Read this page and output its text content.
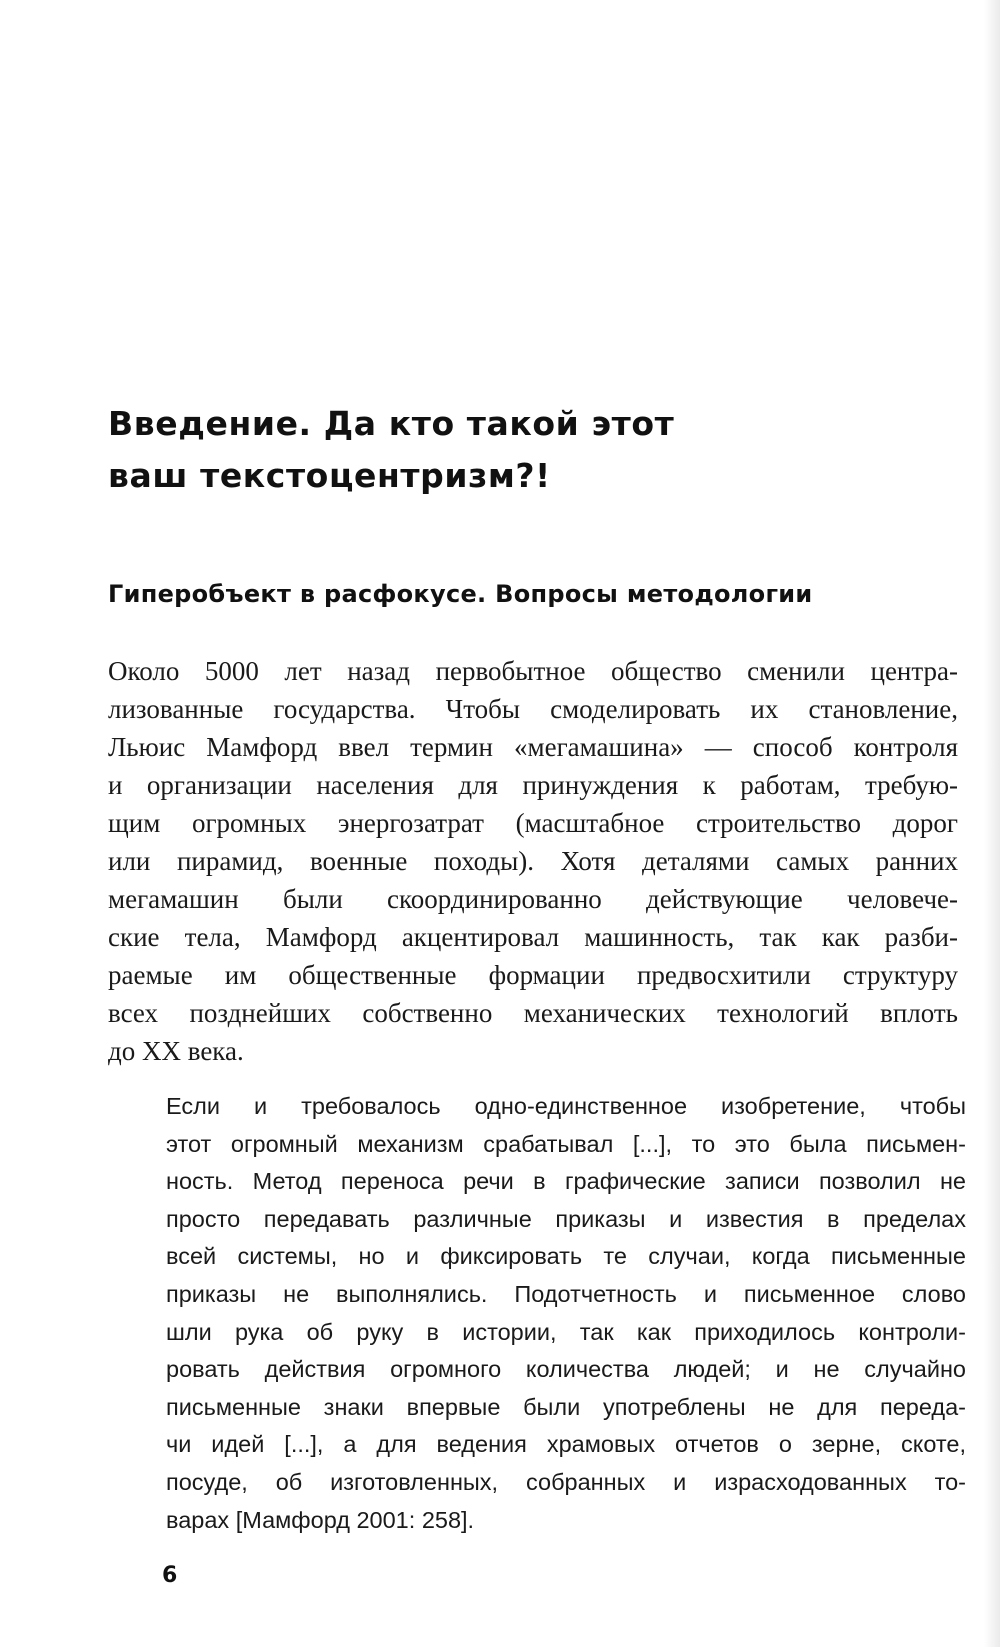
Введение. Да кто такой этот
ваш текстоцентризм?!
Гиперобъект в расфокусе. Вопросы методологии
Около 5000 лет назад первобытное общество сменили центра-
лизованные государства. Чтобы смоделировать их становление,
Льюис Мамфорд ввел термин «мегамашина» — способ контроля
и организации населения для принуждения к работам, требую-
щим огромных энергозатрат (масштабное строительство дорог
или пирамид, военные походы). Хотя деталями самых ранних
мегамашин были скоординированно действующие человече-
ские тела, Мамфорд акцентировал машинность, так как разби-
раемые им общественные формации предвосхитили структуру
всех позднейших собственно механических технологий вплоть
до XX века.
Если и требовалось одно-единственное изобретение, чтобы
этот огромный механизм срабатывал [...], то это была письмен-
ность. Метод переноса речи в графические записи позволил не
просто передавать различные приказы и известия в пределах
всей системы, но и фиксировать те случаи, когда письменные
приказы не выполнялись. Подотчетность и письменное слово
шли рука об руку в истории, так как приходилось контроли-
ровать действия огромного количества людей; и не случайно
письменные знаки впервые были употреблены не для переда-
чи идей [...], а для ведения храмовых отчетов о зерне, скоте,
посуде, об изготовленных, собранных и израсходованных то-
варах [Мамфорд 2001: 258].
6
